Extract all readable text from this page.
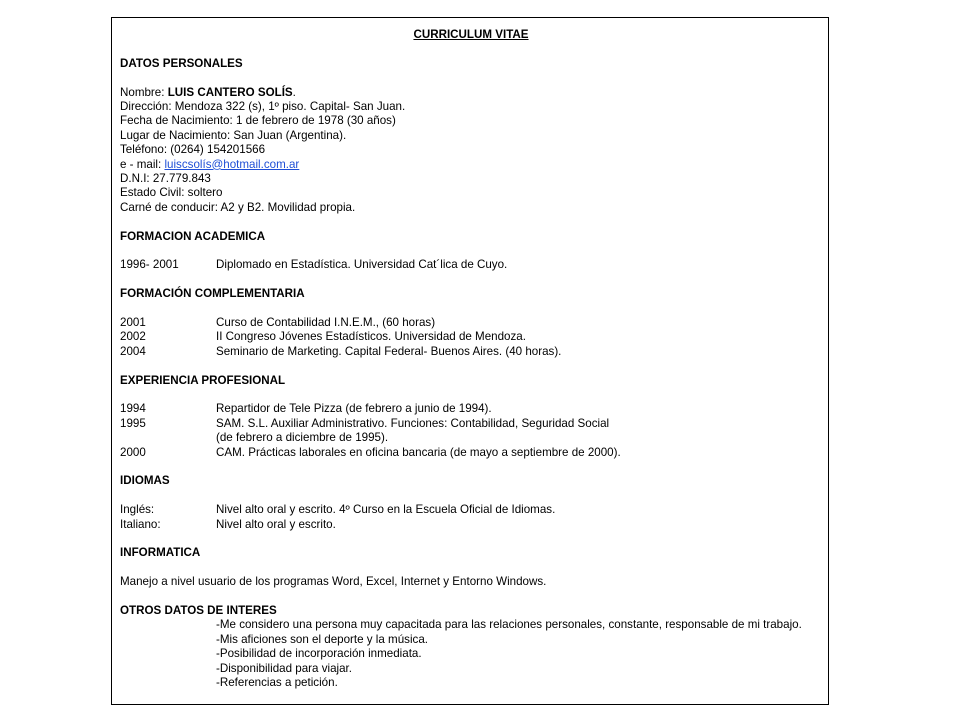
CURRICULUM VITAE
DATOS PERSONALES
Nombre: LUIS CANTERO SOLÍS.
Dirección: Mendoza 322 (s), 1º piso. Capital- San Juan.
Fecha de Nacimiento: 1 de febrero de 1978 (30 años)
Lugar de Nacimiento: San Juan (Argentina).
Teléfono: (0264) 154201566
e - mail: luiscsolís@hotmail.com.ar
D.N.I: 27.779.843
Estado Civil: soltero
Carné de conducir: A2 y B2. Movilidad propia.
FORMACION ACADEMICA
1996- 2001	Diplomado en Estadística. Universidad Cat´lica de Cuyo.
FORMACIÓN COMPLEMENTARIA
2001	Curso de Contabilidad I.N.E.M., (60 horas)
2002	II Congreso Jóvenes Estadísticos. Universidad de Mendoza.
2004	Seminario de Marketing. Capital Federal- Buenos Aires. (40 horas).
EXPERIENCIA PROFESIONAL
1994	Repartidor de Tele Pizza (de febrero a junio de 1994).
1995	SAM. S.L. Auxiliar Administrativo. Funciones: Contabilidad, Seguridad Social
(de febrero a diciembre de 1995).
2000	CAM. Prácticas laborales en oficina bancaria (de mayo a septiembre de 2000).
IDIOMAS
Inglés:	Nivel alto oral y escrito. 4º Curso en la Escuela Oficial de Idiomas.
Italiano:	Nivel alto oral y escrito.
INFORMATICA
Manejo a nivel usuario de los programas Word, Excel, Internet y Entorno Windows.
OTROS DATOS DE INTERES
-Me considero una persona muy capacitada para las relaciones personales, constante, responsable de mi trabajo.
-Mis aficiones son el deporte y la música.
-Posibilidad de incorporación inmediata.
-Disponibilidad para viajar.
-Referencias a petición.
